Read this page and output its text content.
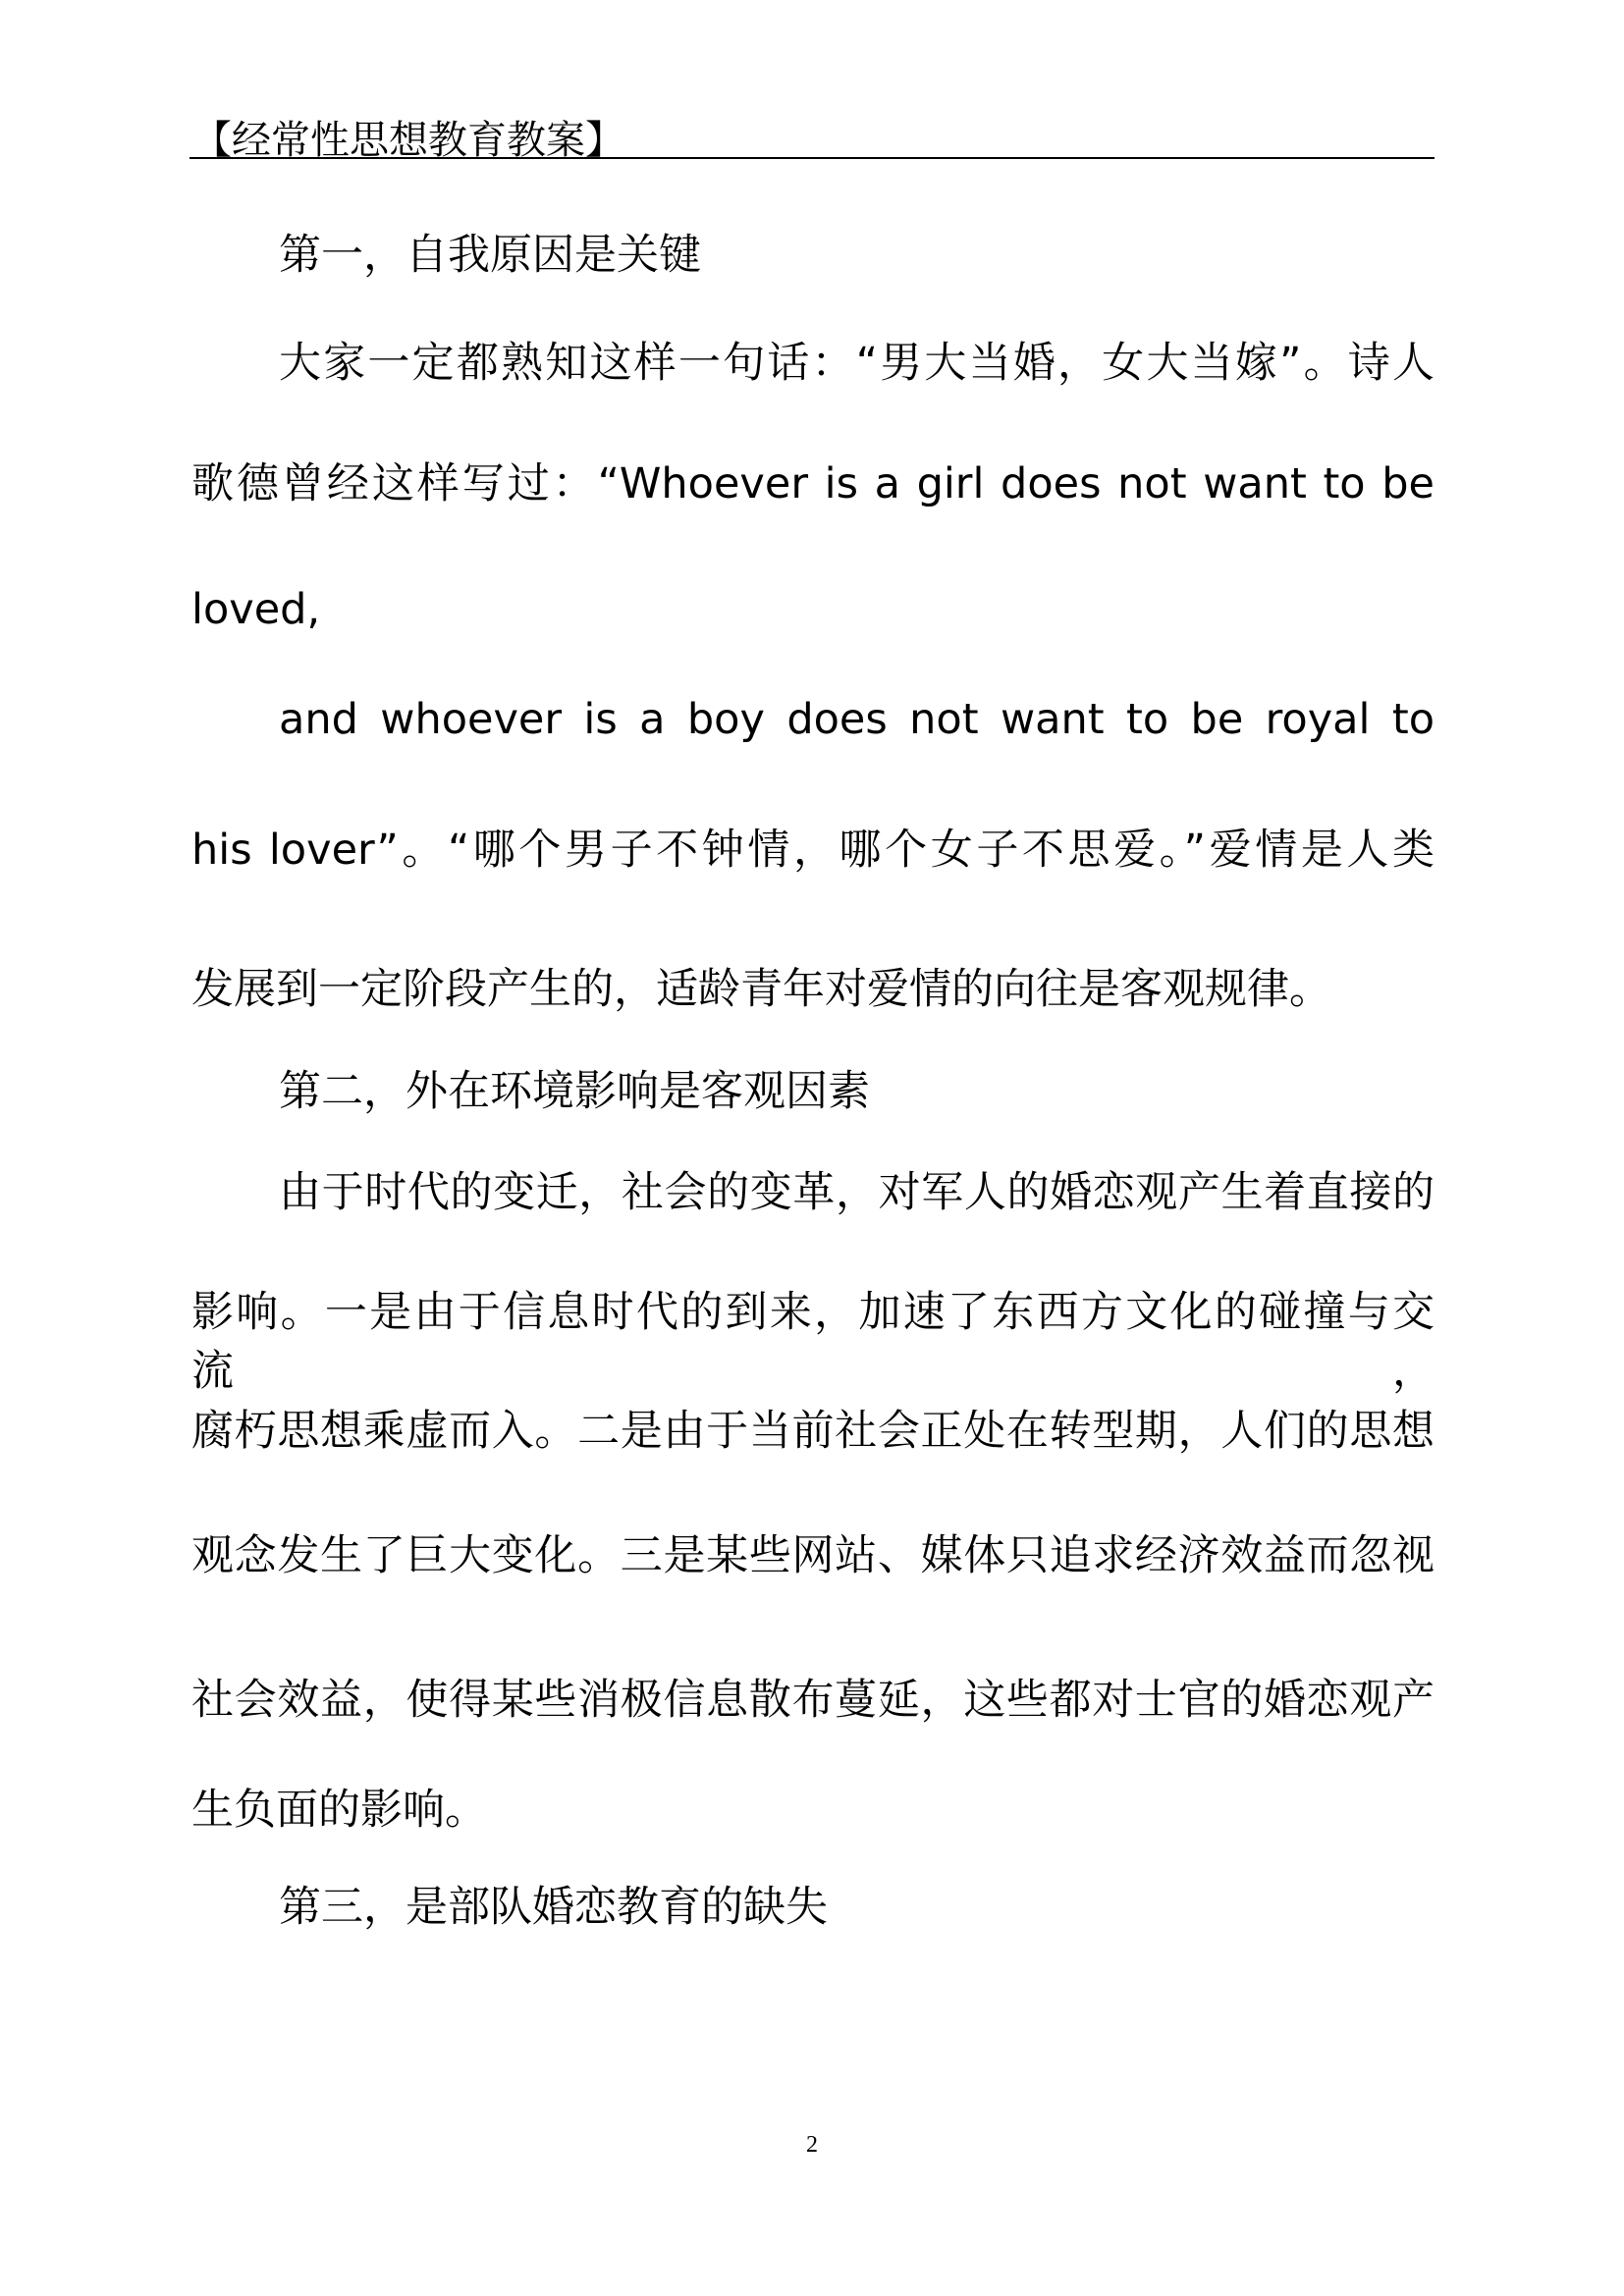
【经常性思想教育教案】
第一，自我原因是关键
大家一定都熟知这样一句话：“男大当婚，女大当嫁”。诗人
歌德曾经这样写过：“Whoever is a girl does not want to be
loved,
and whoever is a boy does not want to be royal to
his lover”。“哪个男子不钟情，哪个女子不思爱。”爱情是人类
发展到一定阶段产生的，适龄青年对爱情的向往是客观规律。
第二，外在环境影响是客观因素
由于时代的变迁，社会的变革，对军人的婚恋观产生着直接的
影响。一是由于信息时代的到来，加速了东西方文化的碰撞与交流，
腐朽思想乘虚而入。二是由于当前社会正处在转型期，人们的思想
观念发生了巨大变化。三是某些网站、媒体只追求经济效益而忽视
社会效益，使得某些消极信息散布蔓延，这些都对士官的婚恋观产
生负面的影响。
第三，是部队婚恋教育的缺失
2
